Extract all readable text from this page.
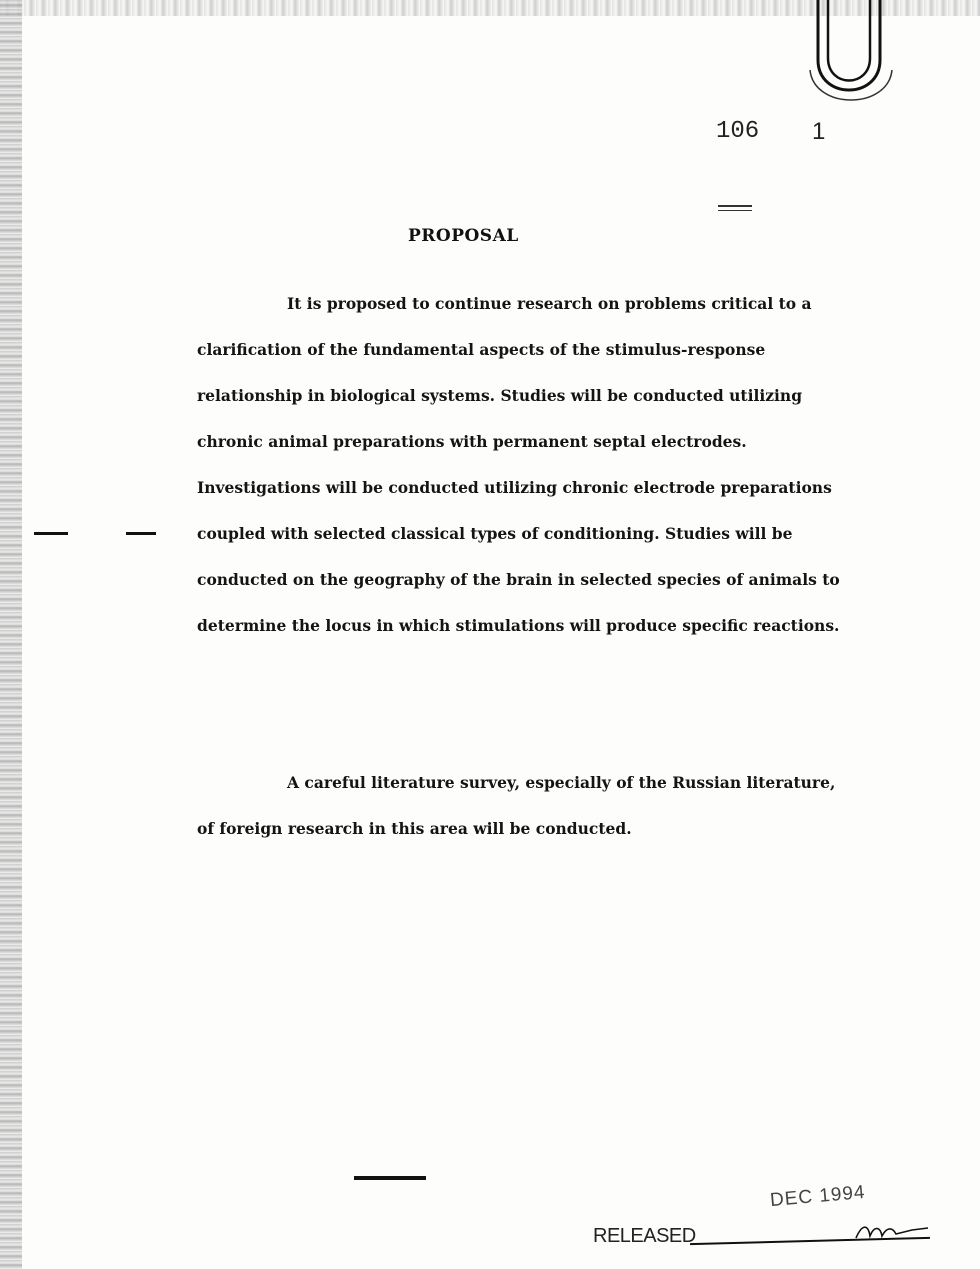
106 1
PROPOSAL
It is proposed to continue research on problems critical to a clarification of the fundamental aspects of the stimulus-response relationship in biological systems. Studies will be conducted utilizing chronic animal preparations with permanent septal electrodes. Investigations will be conducted utilizing chronic electrode preparations coupled with selected classical types of conditioning. Studies will be conducted on the geography of the brain in selected species of animals to determine the locus in which stimulations will produce specific reactions.
A careful literature survey, especially of the Russian literature, of foreign research in this area will be conducted.
DEC 1994
RELEASED
